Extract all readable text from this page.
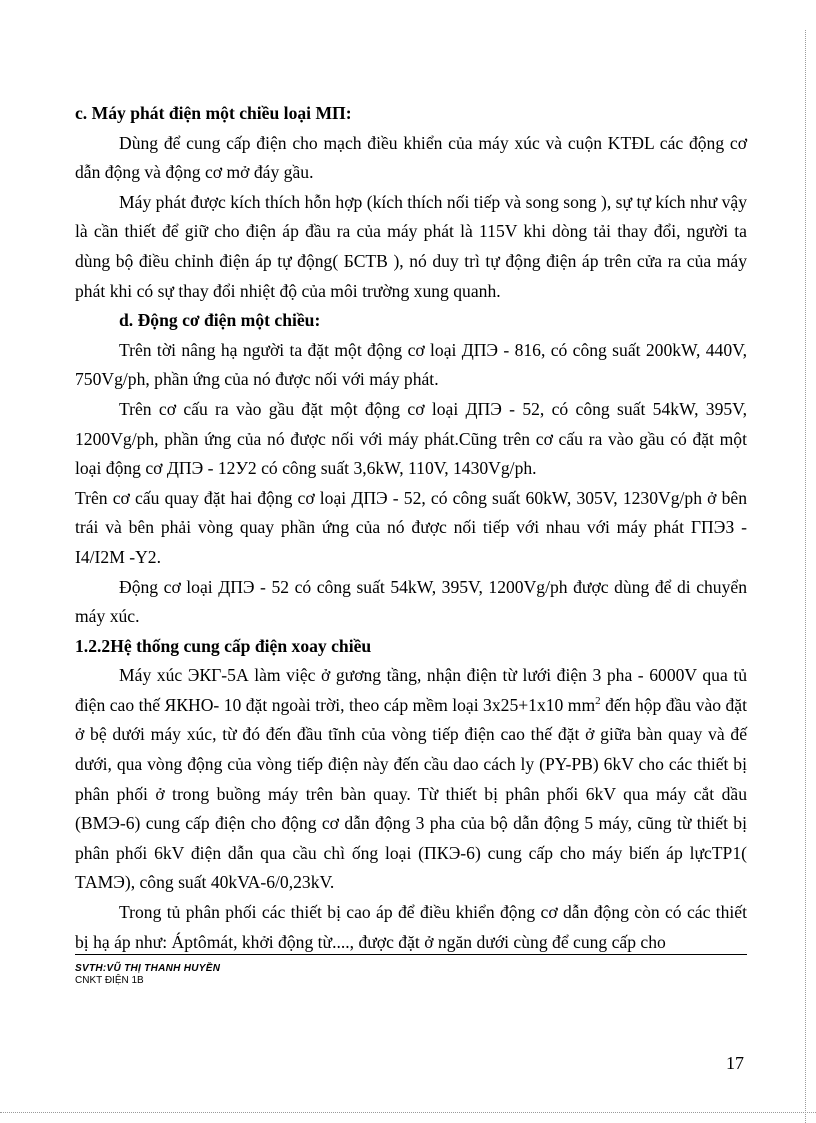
c. Máy phát điện một chiều loại МП:

Dùng để cung cấp điện cho mạch điều khiển của máy xúc và cuộn KTĐL các động cơ dẫn động và động cơ mở đáy gầu.

Máy phát được kích thích hỗn hợp (kích thích nối tiếp và song song ), sự tự kích như vậy là cần thiết để giữ cho điện áp đầu ra của máy phát là 115V khi dòng tải thay đổi, người ta dùng bộ điều chỉnh điện áp tự động( БСТВ ), nó duy trì tự động điện áp trên cửa ra của máy phát khi có sự thay đổi nhiệt độ của môi trường xung quanh.

d. Động cơ điện một chiều:

Trên tời nâng hạ người ta đặt một động cơ loại ДПЭ - 816, có công suất 200kW, 440V, 750Vg/ph, phần ứng của nó được nối với máy phát.

Trên cơ cấu ra vào gầu đặt một động cơ loại ДПЭ - 52, có công suất 54kW, 395V, 1200Vg/ph, phần ứng của nó được nối với máy phát.Cũng trên cơ cấu ra vào gầu có đặt một loại động cơ ДПЭ - 12У2 có công suất 3,6kW, 110V, 1430Vg/ph.

Trên cơ cấu quay đặt hai động cơ loại ДПЭ - 52, có công suất 60kW, 305V, 1230Vg/ph ở bên trái và bên phải vòng quay phần ứng của nó được nối tiếp với nhau với máy phát ГПЭЗ -I4/I2M -Y2.

Động cơ loại ДПЭ - 52 có công suất 54kW, 395V, 1200Vg/ph được dùng để di chuyển máy xúc.

1.2.2Hệ thống cung cấp điện xoay chiều

Máy xúc ЭКГ-5А làm việc ở gương tầng, nhận điện từ lưới điện 3 pha - 6000V qua tủ điện cao thế ЯКНО- 10 đặt ngoài trời, theo cáp mềm loại 3x25+1x10 $mm^2$ đến hộp đầu vào đặt ở bệ dưới máy xúc, từ đó đến đầu tĩnh của vòng tiếp điện cao thế đặt ở giữa bàn quay và đế dưới, qua vòng động của vòng tiếp điện này đến cầu dao cách ly (PY-PB) 6kV cho các thiết bị phân phối ở trong buồng máy trên bàn quay. Từ thiết bị phân phối 6kV qua máy cắt dầu (ВМЭ-6) cung cấp điện cho động cơ dẫn động 3 pha của bộ dẫn động 5 máy, cũng từ thiết bị phân phối 6kV điện dẫn qua cầu chì ống loại (ПКЭ-6) cung cấp cho máy biến áp lựcTP1( ТАМЭ), công suất 40kVA-6/0,23kV.

Trong tủ phân phối các thiết bị cao áp để điều khiển động cơ dẫn động còn có các thiết bị hạ áp như: Áptômát, khởi động từ...., được đặt ở ngăn dưới cùng để cung cấp cho

SVTH:VŨ THỊ THANH HUYỀN
CNKT ĐIỆN 1B
17
